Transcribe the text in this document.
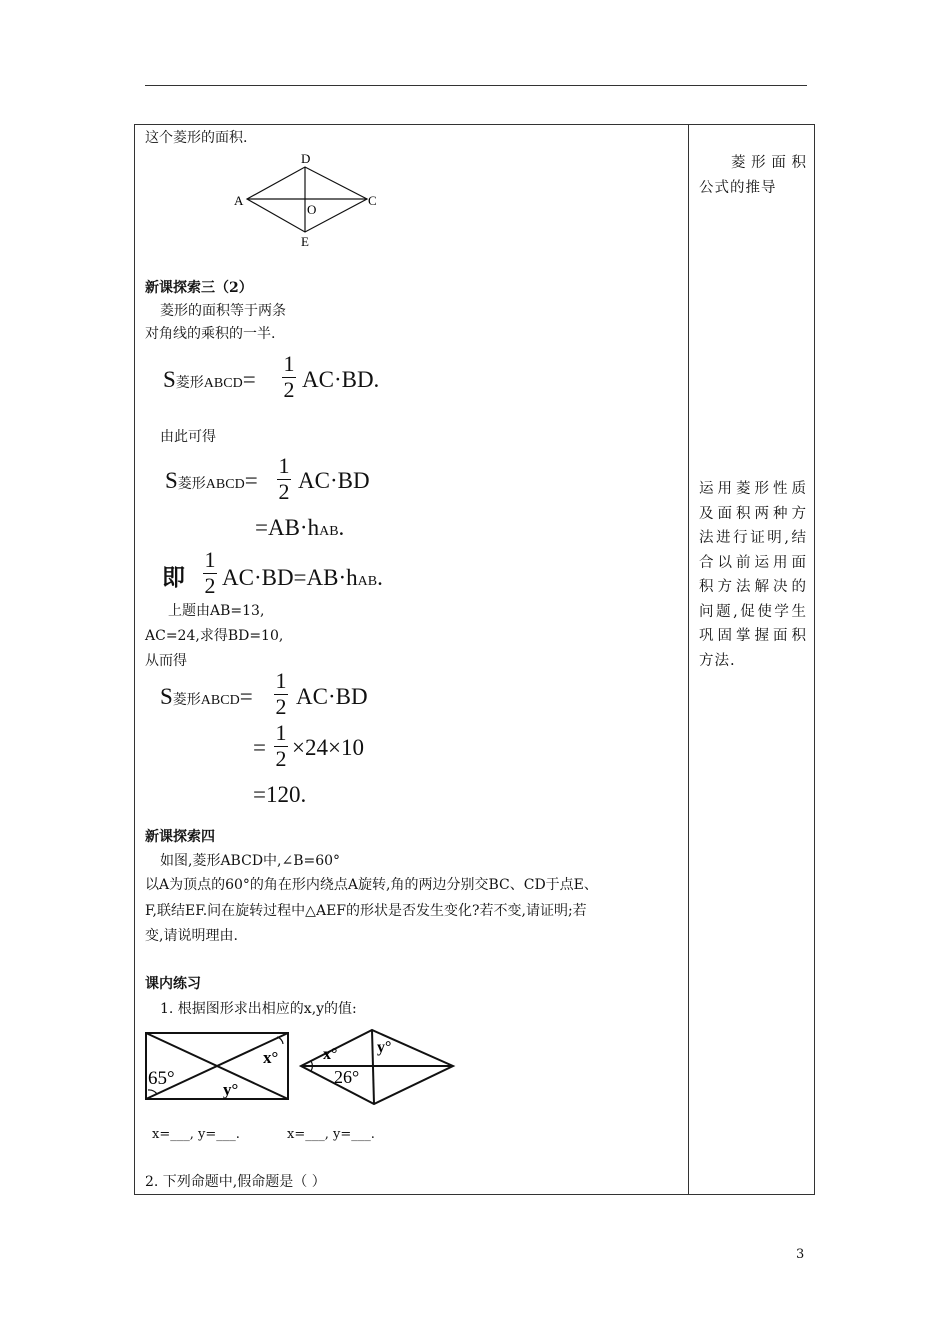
这个菱形的面积.
D
A
O
C
E
新课探索三（2）
菱形的面积等于两条
对角线的乘积的一半.
S菱形ABCD=
1
2 AC·BD.
由此可得
S菱形ABCD=
1
2 AC·BD
=AB·hAB.
即
1
2 AC·BD=AB·hAB.
上题由AB=13,
AC=24,求得BD=10,
从而得
S菱形ABCD=
1
2 AC·BD
=
1
2 ×24×10
=120.
新课探索四
如图,菱形ABCD中,∠B=60°
以A为顶点的60°的角在形内绕点A旋转,角的两边分别交BC、CD于点E、
F,联结EF.问在旋转过程中△AEF的形状是否发生变化?若不变,请证明;若
变,请说明理由.
课内练习
1. 根据图形求出相应的x,y的值:
x°
65°
y°
x° y°
26°
x=___, y=___.	x=___, y=___.
2. 下列命题中,假命题是（ ）
菱形面积公式的推导
运用菱形性质及面积两种方法进行证明,结合以前运用面积方法解决的问题,促使学生巩固掌握面积方法.
3
